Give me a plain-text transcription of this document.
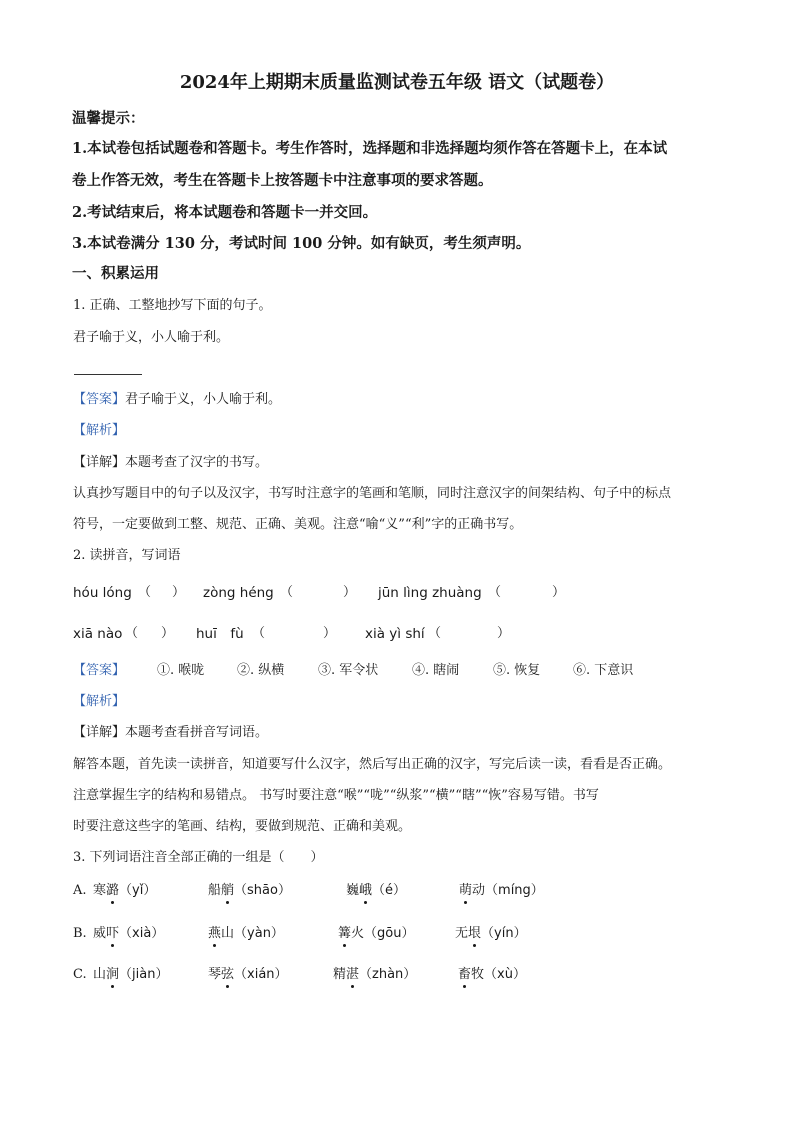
2024年上期期末质量监测试卷五年级 语文（试题卷）
温馨提示：
1.本试卷包括试题卷和答题卡。考生作答时，选择题和非选择题均须作答在答题卡上，在本试
卷上作答无效，考生在答题卡上按答题卡中注意事项的要求答题。
2.考试结束后，将本试题卷和答题卡一并交回。
3.本试卷满分 130 分，考试时间 100 分钟。如有缺页，考生须声明。
一、积累运用
1. 正确、工整地抄写下面的句子。
君子喻于义，小人喻于利。
【答案】君子喻于义，小人喻于利。
【解析】
【详解】本题考查了汉字的书写。
认真抄写题目中的句子以及汉字，书写时注意字的笔画和笔顺，同时注意汉字的间架结构、句子中的标点
符号，一定要做到工整、规范、正确、美观。注意“喻“义”“利”字的正确书写。
2. 读拼音，写词语
hóu lóng （ ） zòng héng （	） jūn lìng zhuàng （	）
xiā nào （ ） huī　fù （	） xià yì shí （	）
【答案】 ①. 喉咙	②. 纵横	③. 军令状	④. 瞎闹	⑤. 恢复	⑥. 下意识
【解析】
【详解】本题考查看拼音写词语。
解答本题，首先读一读拼音，知道要写什么汉字，然后写出正确的汉字，写完后读一读，看看是否正确。
注意掌握生字的结构和易错点。 书写时要注意“喉”“咙”“纵浆”“横”“瞎”“恢”容易写错。书写
时要注意这些字的笔画、结构，要做到规范、正确和美观。
3. 下列词语注音全部正确的一组是（　　）
A. 寒潞（yǐ）	船艄（shāo）	巍峨（é）	萌动（míng）
B. 威吓（xià）	燕山（yàn）	篝火（gōu）	无垠（yín）
C. 山涧（jiàn）	琴弦（xián）	精湛（zhàn）	畜牧（xù）
